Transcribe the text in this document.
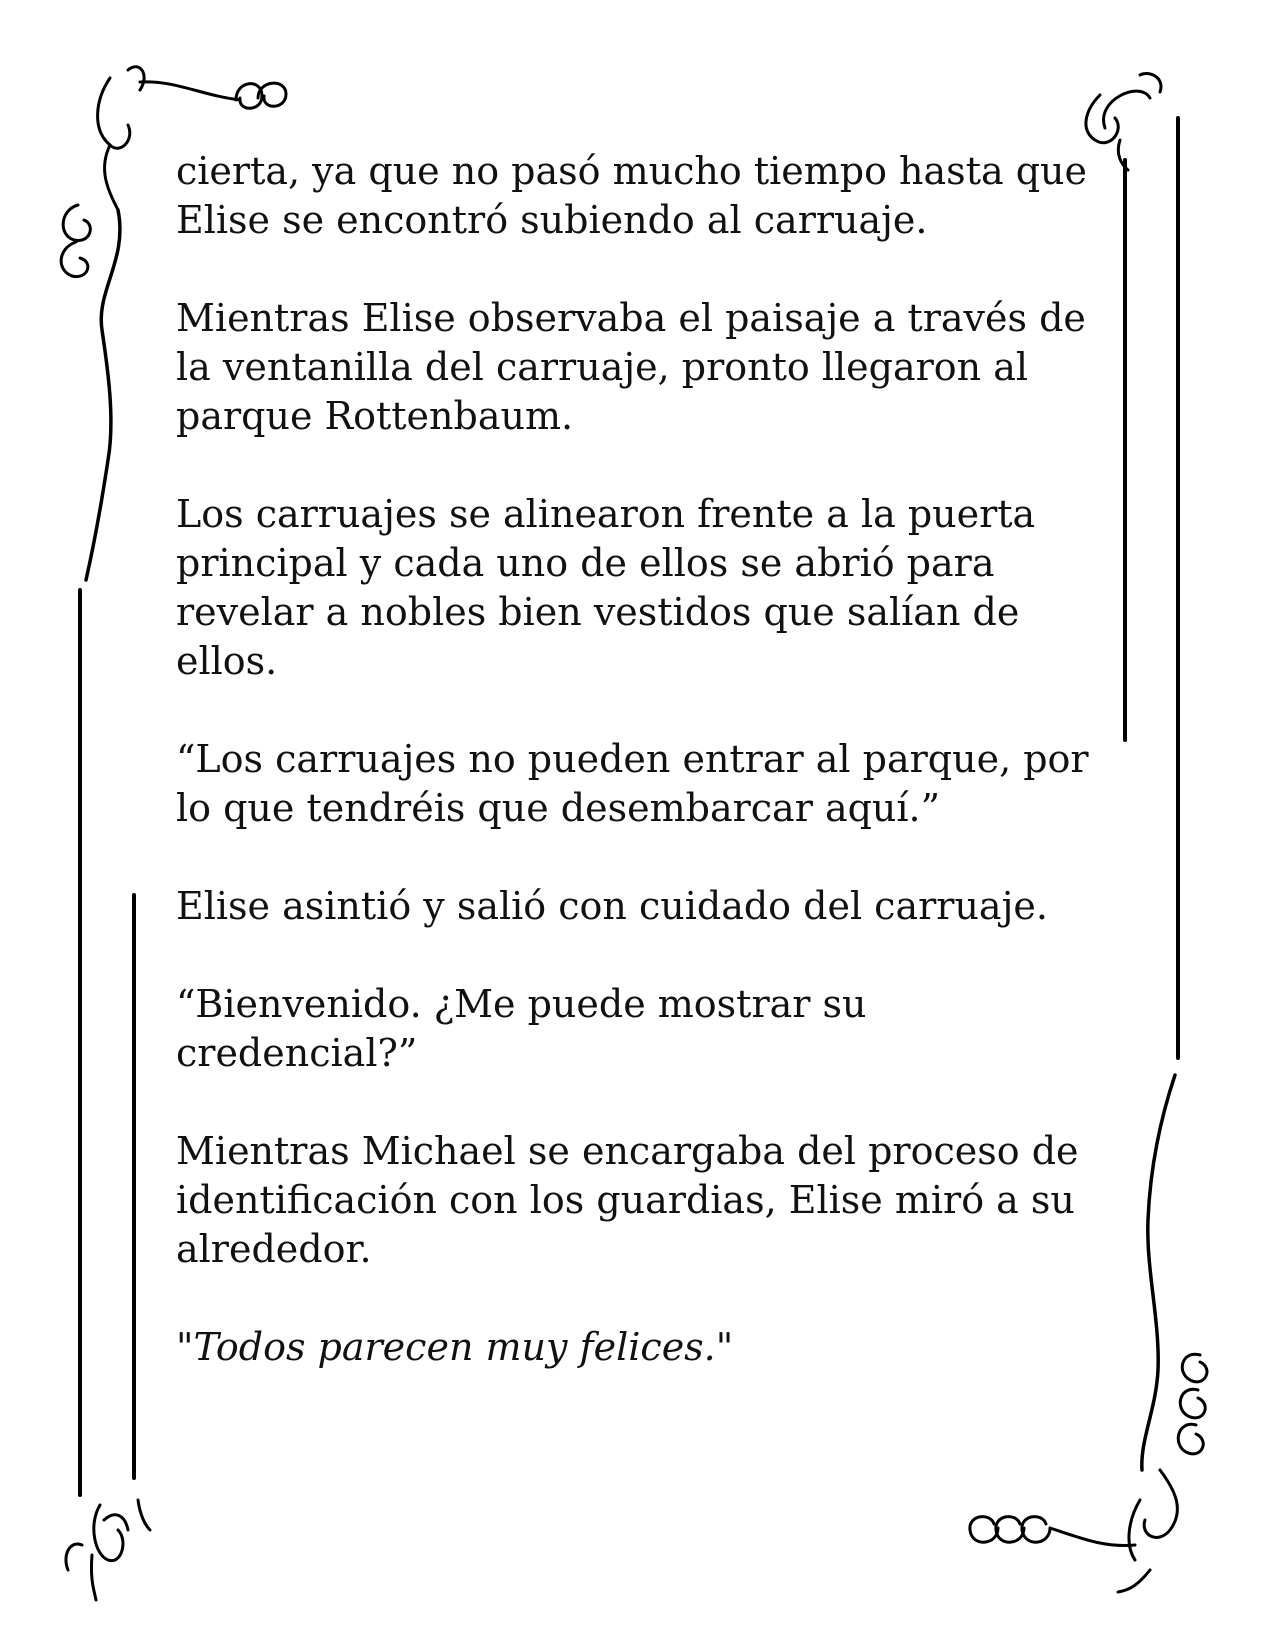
cierta, ya que no pasó mucho tiempo hasta que
Elise se encontró subiendo al carruaje.

Mientras Elise observaba el paisaje a través de
la ventanilla del carruaje, pronto llegaron al
parque Rottenbaum.

Los carruajes se alinearon frente a la puerta
principal y cada uno de ellos se abrió para
revelar a nobles bien vestidos que salían de
ellos.

“Los carruajes no pueden entrar al parque, por
lo que tendréis que desembarcar aquí.”

Elise asintió y salió con cuidado del carruaje.

“Bienvenido. ¿Me puede mostrar su
credencial?”

Mientras Michael se encargaba del proceso de
identificación con los guardias, Elise miró a su
alrededor.

"Todos parecen muy felices."
